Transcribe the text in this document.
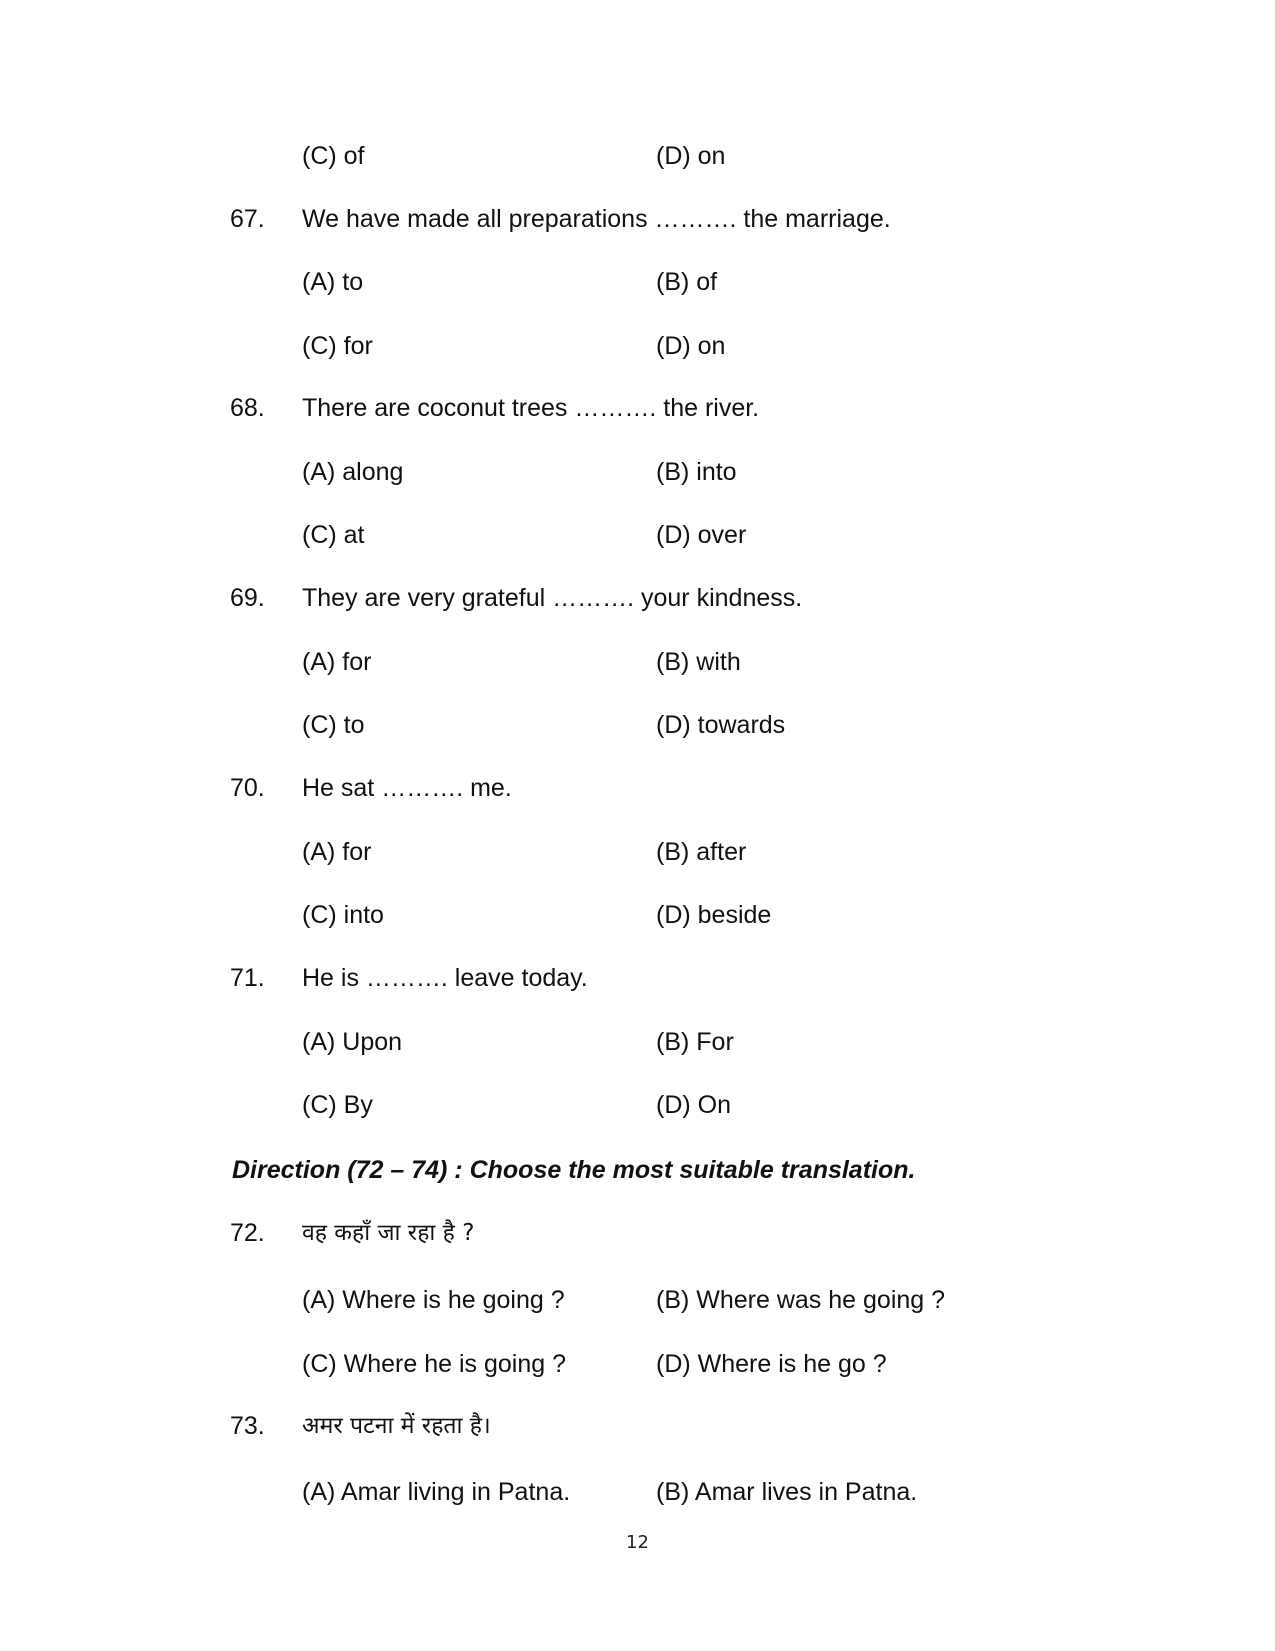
(C) of	(D) on
67. We have made all preparations ………. the marriage.
(A) to	(B) of
(C) for	(D) on
68. There are coconut trees ………. the river.
(A) along	(B) into
(C) at	(D) over
69. They are very grateful ………. your kindness.
(A) for	(B) with
(C) to	(D) towards
70. He sat ………. me.
(A) for	(B) after
(C) into	(D) beside
71. He is ………. leave today.
(A) Upon	(B) For
(C) By	(D) On
Direction (72 – 74) : Choose the most suitable translation.
72. वह कहाँ जा रहा है ?
(A) Where is he going ?	(B) Where was he going ?
(C) Where he is going ?	(D) Where is he go ?
73. अमर पटना में रहता है।
(A) Amar living in Patna.	(B) Amar lives in Patna.
12
